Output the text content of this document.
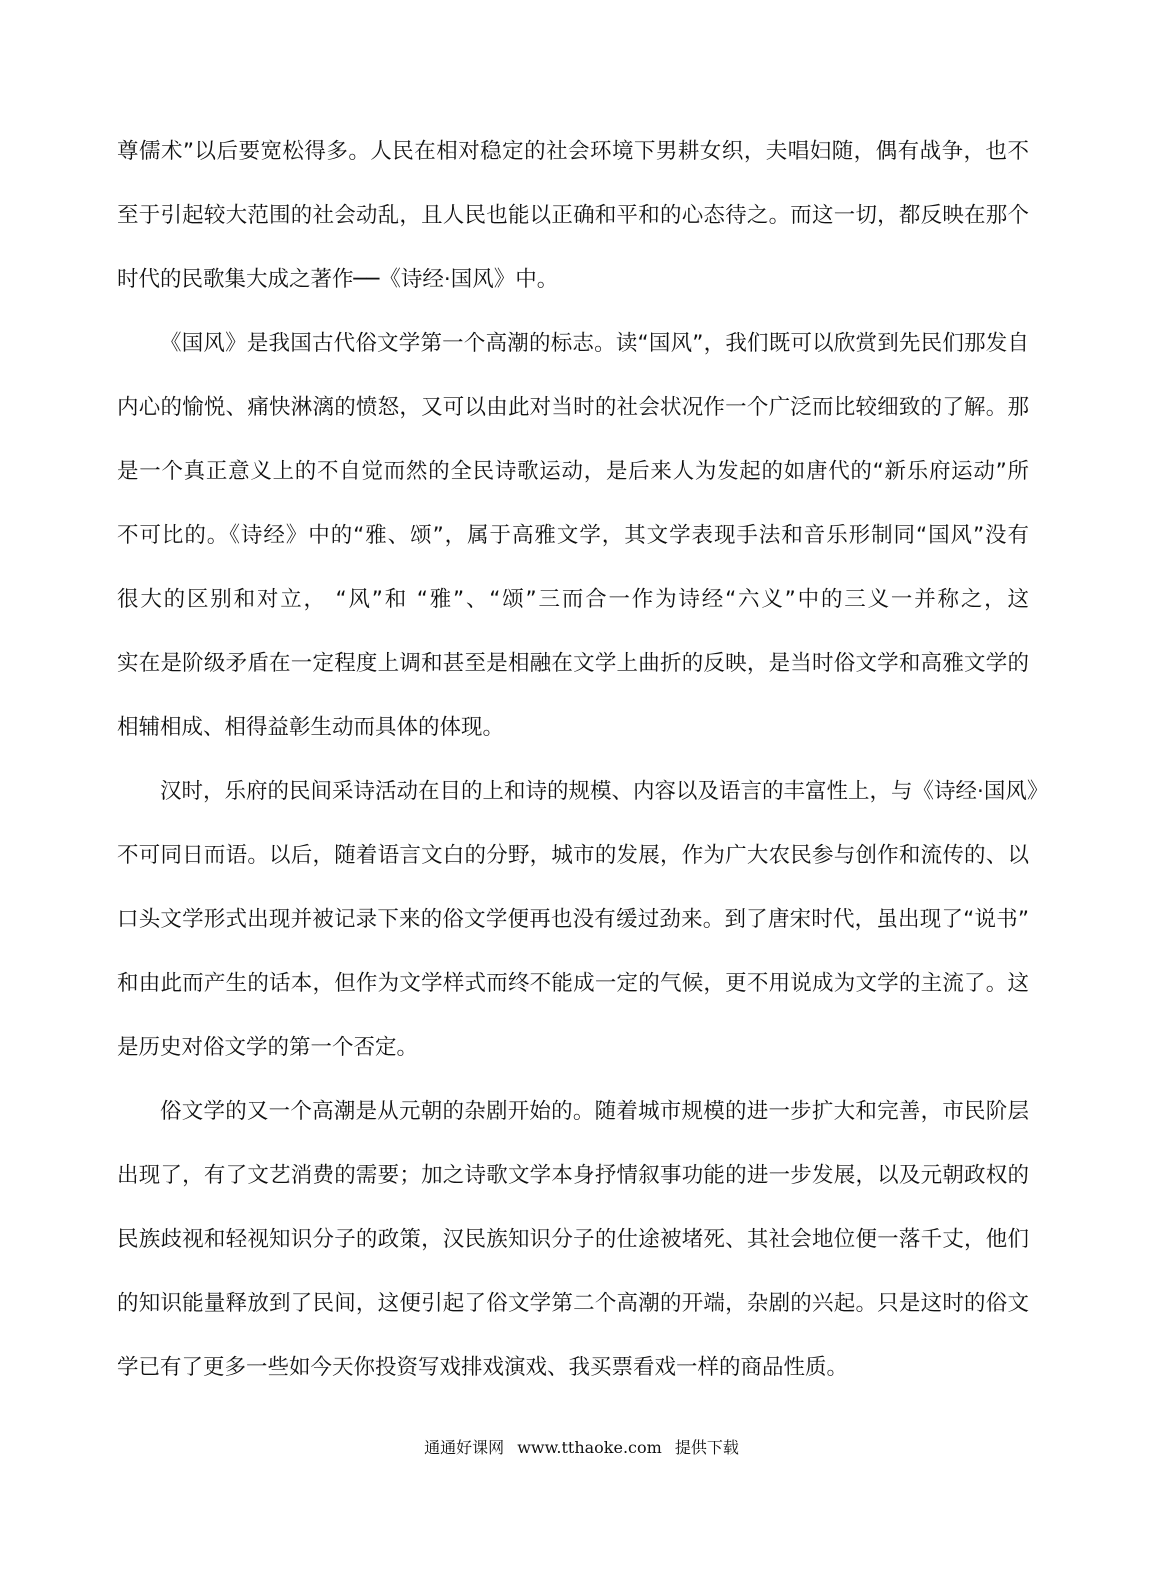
尊儒术”以后要宽松得多。人民在相对稳定的社会环境下男耕女织，夫唱妇随，偶有战争，也不
至于引起较大范围的社会动乱，且人民也能以正确和平和的心态待之。而这一切，都反映在那个
时代的民歌集大成之著作──《诗经·国风》中。
《国风》是我国古代俗文学第一个高潮的标志。读“国风”，我们既可以欣赏到先民们那发自
内心的愉悦、痛快淋漓的愤怒，又可以由此对当时的社会状况作一个广泛而比较细致的了解。那
是一个真正意义上的不自觉而然的全民诗歌运动，是后来人为发起的如唐代的“新乐府运动”所
不可比的。《诗经》中的“雅、颂”，属于高雅文学，其文学表现手法和音乐形制同“国风”没有
很大的区别和对立， “风”和 “雅”、“颂”三而合一作为诗经“六义”中的三义一并称之，这
实在是阶级矛盾在一定程度上调和甚至是相融在文学上曲折的反映，是当时俗文学和高雅文学的
相辅相成、相得益彰生动而具体的体现。
汉时，乐府的民间采诗活动在目的上和诗的规模、内容以及语言的丰富性上，与《诗经·国风》
不可同日而语。以后，随着语言文白的分野，城市的发展，作为广大农民参与创作和流传的、以
口头文学形式出现并被记录下来的俗文学便再也没有缓过劲来。到了唐宋时代，虽出现了“说书”
和由此而产生的话本，但作为文学样式而终不能成一定的气候，更不用说成为文学的主流了。这
是历史对俗文学的第一个否定。
俗文学的又一个高潮是从元朝的杂剧开始的。随着城市规模的进一步扩大和完善，市民阶层
出现了，有了文艺消费的需要；加之诗歌文学本身抒情叙事功能的进一步发展，以及元朝政权的
民族歧视和轻视知识分子的政策，汉民族知识分子的仕途被堵死、其社会地位便一落千丈，他们
的知识能量释放到了民间，这便引起了俗文学第二个高潮的开端，杂剧的兴起。只是这时的俗文
学已有了更多一些如今天你投资写戏排戏演戏、我买票看戏一样的商品性质。
通通好课网 www.tthaoke.com 提供下载
